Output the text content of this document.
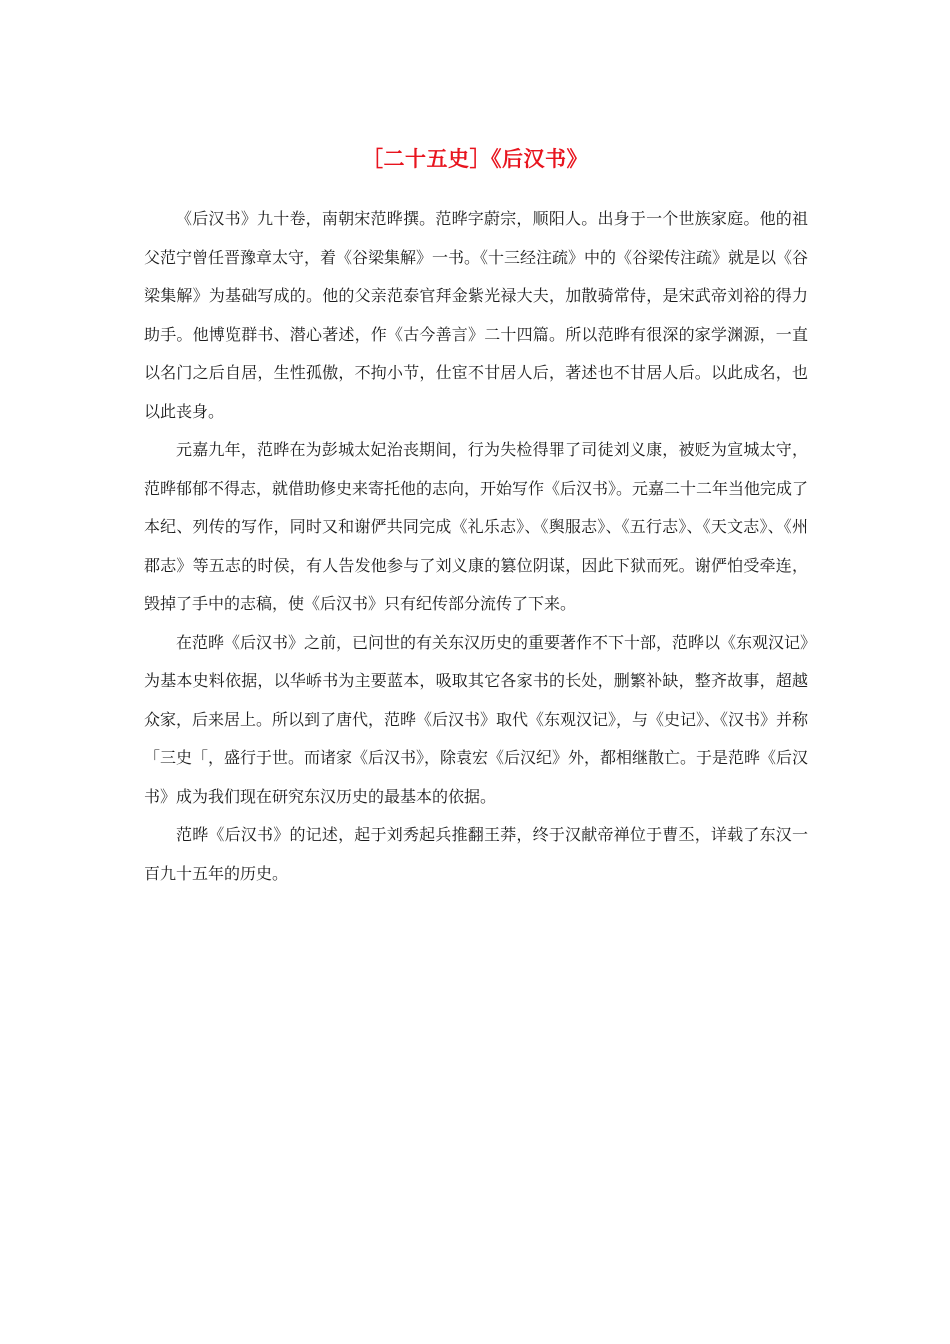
［二十五史］《后汉书》

《后汉书》九十卷，南朝宋范晔撰。范晔字蔚宗，顺阳人。出身于一个世族家庭。他的祖父范宁曾任晋豫章太守，着《谷梁集解》一书。《十三经注疏》中的《谷梁传注疏》就是以《谷梁集解》为基础写成的。他的父亲范泰官拜金紫光禄大夫，加散骑常侍，是宋武帝刘裕的得力助手。他博览群书、潜心著述，作《古今善言》二十四篇。所以范晔有很深的家学渊源，一直以名门之后自居，生性孤傲，不拘小节，仕宦不甘居人后，著述也不甘居人后。以此成名，也以此丧身。

元嘉九年，范晔在为彭城太妃治丧期间，行为失检得罪了司徒刘义康，被贬为宣城太守，范晔郁郁不得志，就借助修史来寄托他的志向，开始写作《后汉书》。元嘉二十二年当他完成了本纪、列传的写作，同时又和谢俨共同完成《礼乐志》、《舆服志》、《五行志》、《天文志》、《州郡志》等五志的时侯，有人告发他参与了刘义康的篡位阴谋，因此下狱而死。谢俨怕受牵连，毁掉了手中的志稿，使《后汉书》只有纪传部分流传了下来。

在范晔《后汉书》之前，已问世的有关东汉历史的重要著作不下十部，范晔以《东观汉记》为基本史料依据，以华峤书为主要蓝本，吸取其它各家书的长处，删繁补缺，整齐故事，超越众家，后来居上。所以到了唐代，范晔《后汉书》取代《东观汉记》，与《史记》、《汉书》并称「三史「，盛行于世。而诸家《后汉书》，除袁宏《后汉纪》外，都相继散亡。于是范晔《后汉书》成为我们现在研究东汉历史的最基本的依据。

范晔《后汉书》的记述，起于刘秀起兵推翻王莽，终于汉献帝禅位于曹丕，详载了东汉一百九十五年的历史。
